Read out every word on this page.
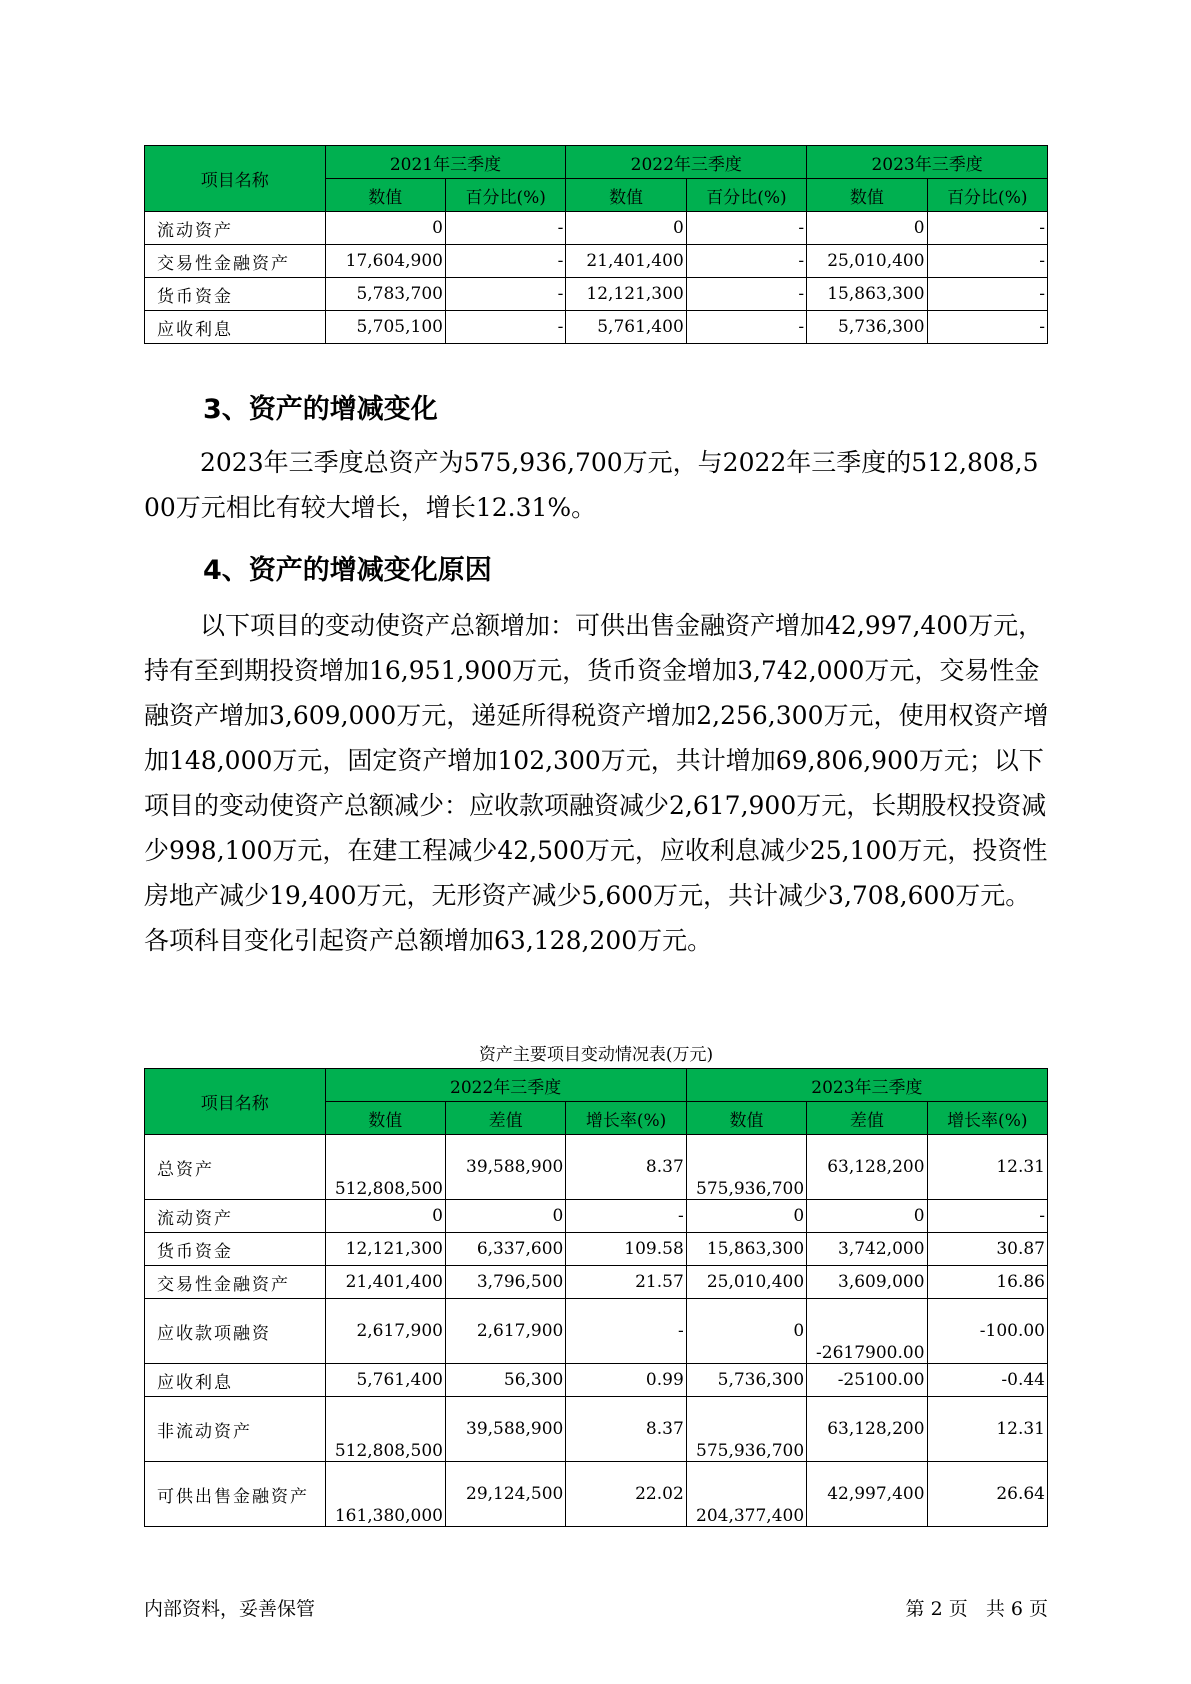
项目名称	2021年三季度		2022年三季度		2023年三季度	
	数值	百分比(%)	数值	百分比(%)	数值	百分比(%)
流动资产	0	-	0	-	0	-
交易性金融资产	17,604,900	-	21,401,400	-	25,010,400	-
货币资金	5,783,700	-	12,121,300	-	15,863,300	-
应收利息	5,705,100	-	5,761,400	-	5,736,300	-
3、资产的增减变化

2023年三季度总资产为575,936,700万元，与2022年三季度的512,808,500万元相比有较大增长，增长12.31%。

4、资产的增减变化原因

以下项目的变动使资产总额增加：可供出售金融资产增加42,997,400万元，持有至到期投资增加16,951,900万元，货币资金增加3,742,000万元，交易性金融资产增加3,609,000万元，递延所得税资产增加2,256,300万元，使用权资产增加148,000万元，固定资产增加102,300万元，共计增加69,806,900万元；以下项目的变动使资产总额减少：应收款项融资减少2,617,900万元，长期股权投资减少998,100万元，在建工程减少42,500万元，应收利息减少25,100万元，投资性房地产减少19,400万元，无形资产减少5,600万元，共计减少3,708,600万元。各项科目变化引起资产总额增加63,128,200万元。

资产主要项目变动情况表(万元)

项目名称	2022年三季度			2023年三季度		
	数值	差值	增长率(%)	数值	差值	增长率(%)
总资产	512,808,500	39,588,900	8.37	575,936,700	63,128,200	12.31
流动资产	0	0	-	0	0	-
货币资金	12,121,300	6,337,600	109.58	15,863,300	3,742,000	30.87
交易性金融资产	21,401,400	3,796,500	21.57	25,010,400	3,609,000	16.86
应收款项融资	2,617,900	2,617,900	-	0	-2617900.00	-100.00
应收利息	5,761,400	56,300	0.99	5,736,300	-25100.00	-0.44
非流动资产	512,808,500	39,588,900	8.37	575,936,700	63,128,200	12.31
可供出售金融资产	161,380,000	29,124,500	22.02	204,377,400	42,997,400	26.64

内部资料，妥善保管	第 2 页   共 6 页
